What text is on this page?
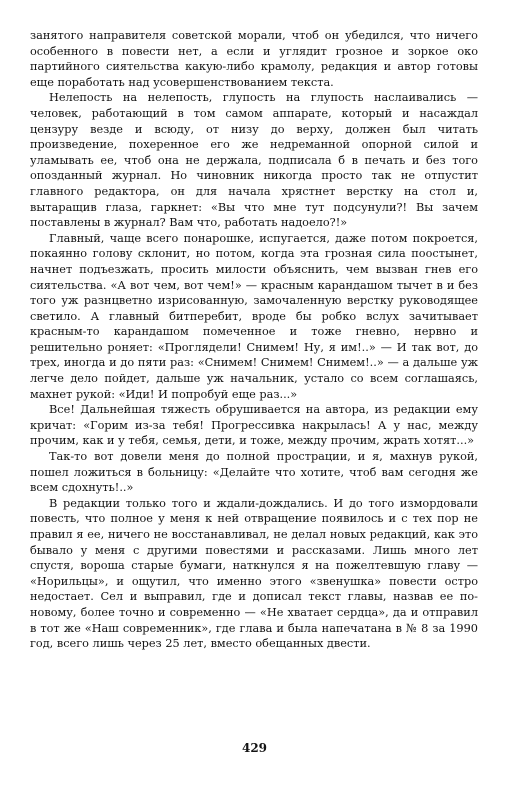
занятого направителя советской морали, чтоб он убедился, что ничего особенного в повести нет, а если и углядит грозное и зоркое око партийного сиятельства какую-либо крамолу, редакция и автор готовы еще поработать над усовершенствованием текста.

Нелепость на нелепость, глупость на глупость наслаивались — человек, работающий в том самом аппарате, который и насаждал цензуру везде и всюду, от низу до верху, должен был читать произведение, похеренное его же недреманной опорной силой и уламывать ее, чтоб она не держала, подписала б в печать и без того опозданный журнал. Но чиновник никогда просто так не отпустит главного редактора, он для начала хрястнет верстку на стол и, вытаращив глаза, гаркнет: «Вы что мне тут подсунули?! Вы зачем поставлены в журнал? Вам что, работать надоело?!»

Главный, чаще всего понарошке, испугается, даже потом покроется, покаянно голову склонит, но потом, когда эта грозная сила поостынет, начнет подъезжать, просить милости объяснить, чем вызван гнев его сиятельства. «А вот чем, вот чем!» — красным карандашом тычет в и без того уж разнцветно изрисованную, замочаленную верстку руководящее светило. А главный битперебит, вроде бы робко вслух зачитывает красным-то карандашом помеченное и тоже гневно, нервно и решительно роняет: «Проглядели! Снимем! Ну, я им!..» — И так вот, до трех, иногда и до пяти раз: «Снимем! Снимем! Снимем!..» — а дальше уж легче дело пойдет, дальше уж начальник, устало со всем соглашаясь, махнет рукой: «Иди! И попробуй еще раз...»

Все! Дальнейшая тяжесть обрушивается на автора, из редакции ему кричат: «Горим из-за тебя! Прогрессивка накрылась! А у нас, между прочим, как и у тебя, семья, дети, и тоже, между прочим, жрать хотят...»

Так-то вот довели меня до полной прострации, и я, махнув рукой, пошел ложиться в больницу: «Делайте что хотите, чтоб вам сегодня же всем сдохнуть!..»

В редакции только того и ждали-дождались. И до того измордовали повесть, что полное у меня к ней отвращение появилось и с тех пор не правил я ее, ничего не восстанавливал, не делал новых редакций, как это бывало у меня с другими повестями и рассказами. Лишь много лет спустя, вороша старые бумаги, наткнулся я на пожелтевшую главу — «Норильцы», и ощутил, что именно этого «звенушка» повести остро недостает. Сел и выправил, где и дописал текст главы, назвав ее по-новому, более точно и современно — «Не хватает сердца», да и отправил в тот же «Наш современник», где глава и была напечатана в № 8 за 1990 год, всего лишь через 25 лет, вместо обещанных двести.

429
